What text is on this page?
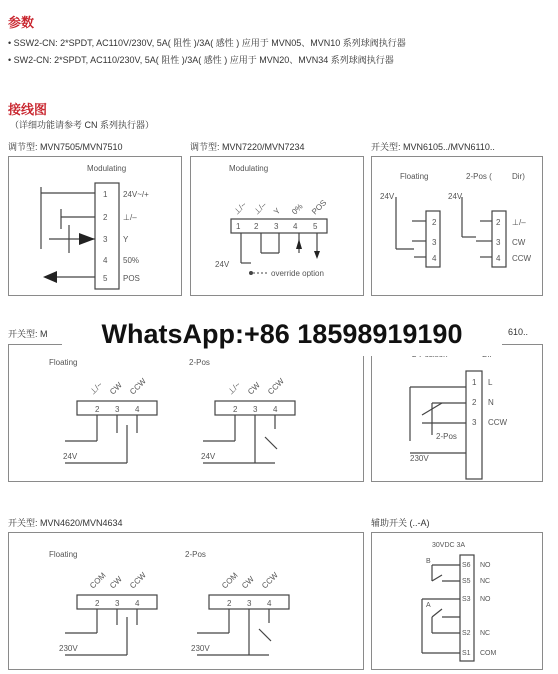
参数
• SSW2-CN: 2*SPDT, AC110V/230V, 5A( 阻性 )/3A( 感性 ) 应用于 MVN05、MVN10 系列球阀执行器
• SW2-CN: 2*SPDT, AC110/230V, 5A( 阻性 )/3A( 感性 ) 应用于 MVN20、MVN34 系列球阀执行器
接线图
（详细功能请参考 CN 系列执行器）
调节型: MVN7505/MVN7510	调节型: MVN7220/MVN7234	开关型: MVN6105../MVN6110..
开关型: M	610..
开关型: MVN4620/MVN4634	辅助开关 (..-A)
Modulating
1
2
3
4
5
24V~/+
⊥/–
Y
50%
POS
Modulating
1 2 3 4 5
⊥/~ ⊥/– Y 0% POS
24V
override option
Floating	2-Pos (	Dir)
24V	24V
2
3
4
2
3
4
⊥/–
CW
CCW
Floating	2-Pos
⊥/~ CW CCW	⊥/~ CW CCW
2 3 4	2 3 4
24V	24V
1
2
3
L
N
CCW
2-Pos
230V
Floating	2-Pos
COM CW CCW	COM CW CCW
2 3 4	2 3 4
230V	230V
30VDC 3A
B
A
S6
S5
S3
S2
S1
NO
NC
NO
NC
COM
WhatsApp:+86 18598919190
